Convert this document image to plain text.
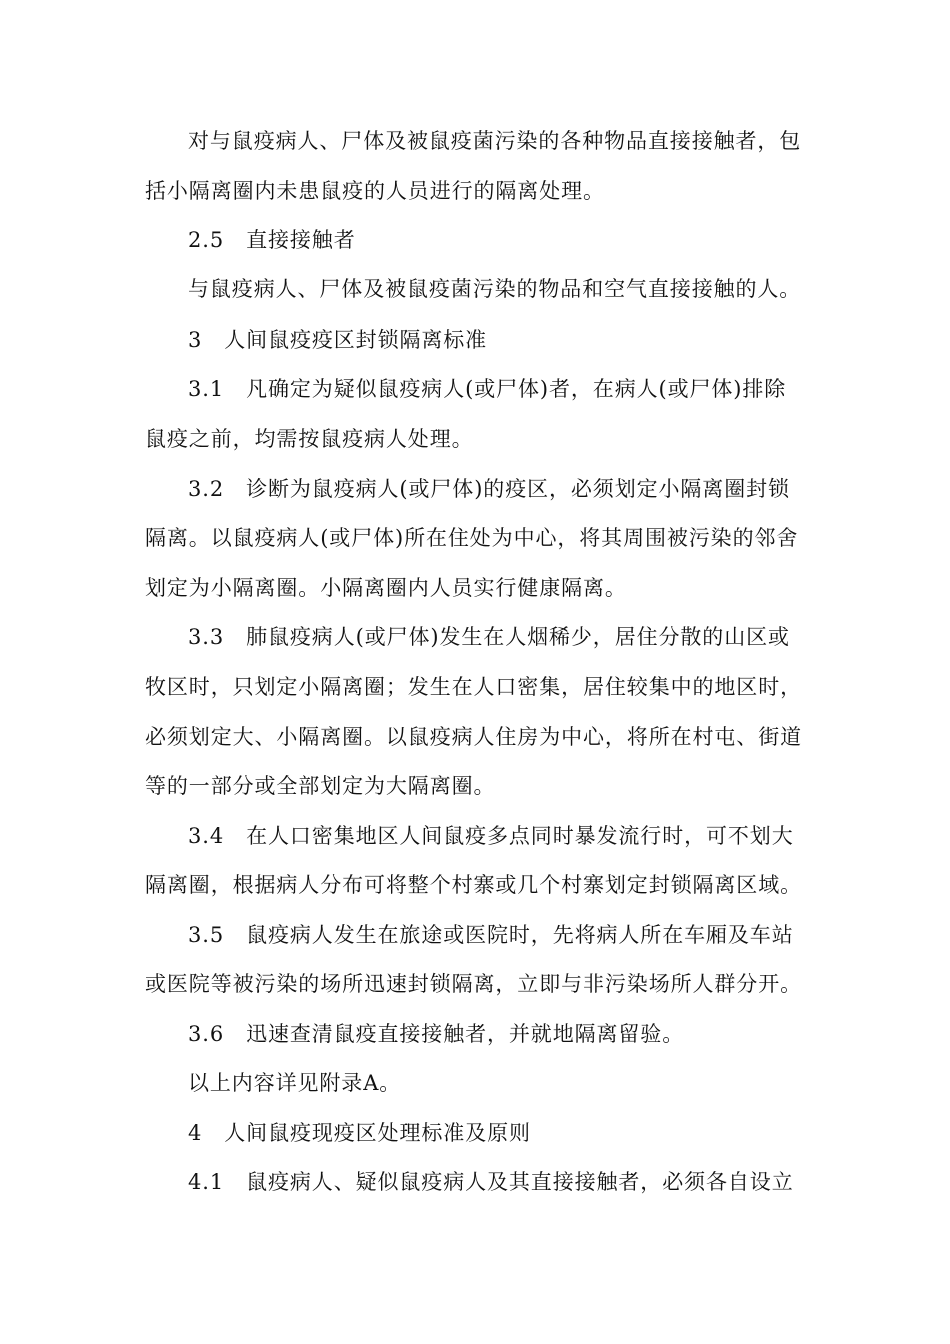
对与鼠疫病人、尸体及被鼠疫菌污染的各种物品直接接触者，包
括小隔离圈内未患鼠疫的人员进行的隔离处理。
2.5 直接接触者
与鼠疫病人、尸体及被鼠疫菌污染的物品和空气直接接触的人。
3 人间鼠疫疫区封锁隔离标准
3.1 凡确定为疑似鼠疫病人(或尸体)者，在病人(或尸体)排除
鼠疫之前，均需按鼠疫病人处理。
3.2 诊断为鼠疫病人(或尸体)的疫区，必须划定小隔离圈封锁
隔离。以鼠疫病人(或尸体)所在住处为中心，将其周围被污染的邻舍
划定为小隔离圈。小隔离圈内人员实行健康隔离。
3.3 肺鼠疫病人(或尸体)发生在人烟稀少，居住分散的山区或
牧区时，只划定小隔离圈；发生在人口密集，居住较集中的地区时，
必须划定大、小隔离圈。以鼠疫病人住房为中心，将所在村屯、街道
等的一部分或全部划定为大隔离圈。
3.4 在人口密集地区人间鼠疫多点同时暴发流行时，可不划大
隔离圈，根据病人分布可将整个村寨或几个村寨划定封锁隔离区域。
3.5 鼠疫病人发生在旅途或医院时，先将病人所在车厢及车站
或医院等被污染的场所迅速封锁隔离，立即与非污染场所人群分开。
3.6 迅速查清鼠疫直接接触者，并就地隔离留验。
以上内容详见附录A。
4 人间鼠疫现疫区处理标准及原则
4.1 鼠疫病人、疑似鼠疫病人及其直接接触者，必须各自设立
